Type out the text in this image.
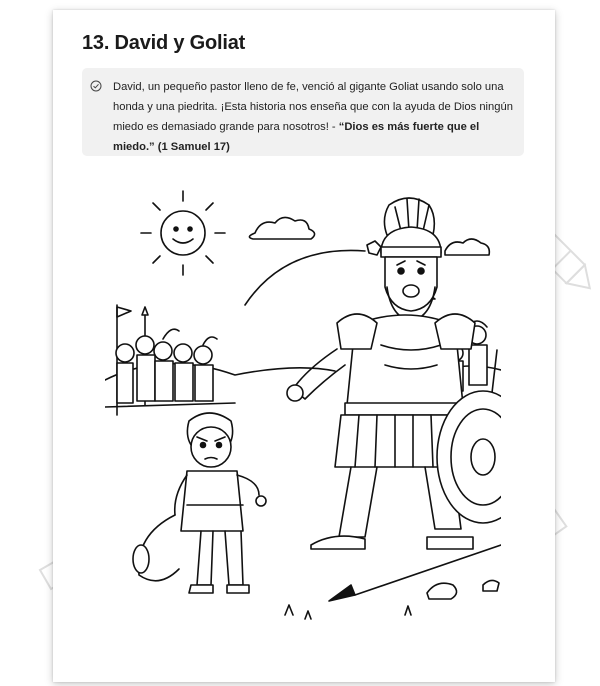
13. David y Goliat

David, un pequeño pastor lleno de fe, venció al gigante Goliat usando solo una honda y una piedrita. ¡Esta historia nos enseña que con la ayuda de Dios ningún miedo es demasiado grande para nosotros! - “Dios es más fuerte que el miedo.” (1 Samuel 17)
